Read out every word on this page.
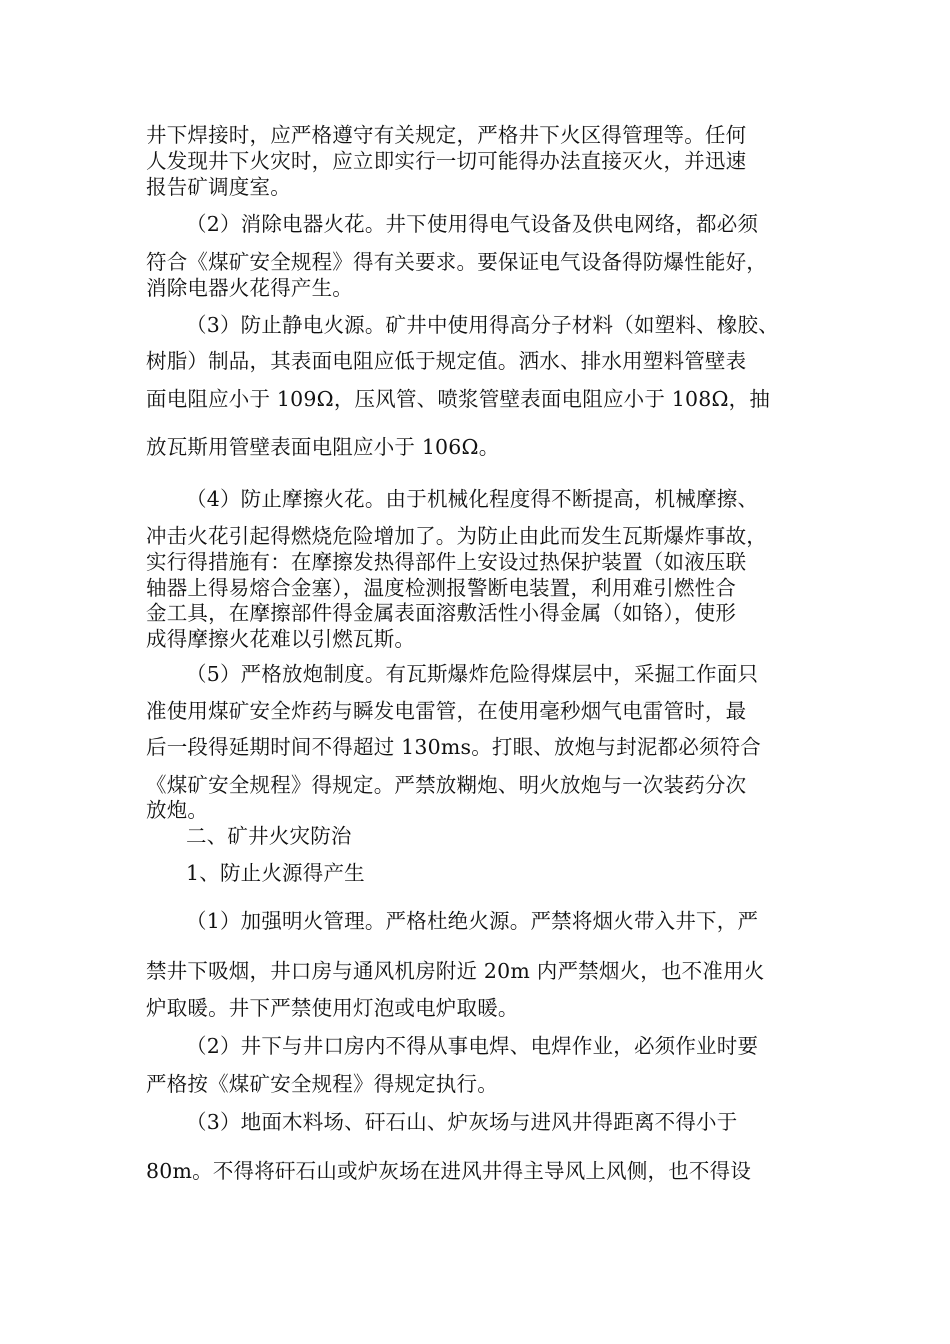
井下焊接时，应严格遵守有关规定，严格井下火区得管理等。任何
人发现井下火灾时，应立即实行一切可能得办法直接灭火，并迅速
报告矿调度室。
（2）消除电器火花。井下使用得电气设备及供电网络，都必须
符合《煤矿安全规程》得有关要求。要保证电气设备得防爆性能好，
消除电器火花得产生。
（3）防止静电火源。矿井中使用得高分子材料（如塑料、橡胶、
树脂）制品，其表面电阻应低于规定值。洒水、排水用塑料管壁表
面电阻应小于 109Ω，压风管、喷浆管壁表面电阻应小于 108Ω，抽
放瓦斯用管壁表面电阻应小于 106Ω。
（4）防止摩擦火花。由于机械化程度得不断提高，机械摩擦、
冲击火花引起得燃烧危险增加了。为防止由此而发生瓦斯爆炸事故，
实行得措施有：在摩擦发热得部件上安设过热保护装置（如液压联
轴器上得易熔合金塞），温度检测报警断电装置，利用难引燃性合
金工具，在摩擦部件得金属表面溶敷活性小得金属（如铬），使形
成得摩擦火花难以引燃瓦斯。
（5）严格放炮制度。有瓦斯爆炸危险得煤层中，采掘工作面只
准使用煤矿安全炸药与瞬发电雷管，在使用毫秒烟气电雷管时，最
后一段得延期时间不得超过 130ms。打眼、放炮与封泥都必须符合
《煤矿安全规程》得规定。严禁放糊炮、明火放炮与一次装药分次
放炮。
二、矿井火灾防治
1、防止火源得产生
（1）加强明火管理。严格杜绝火源。严禁将烟火带入井下，严
禁井下吸烟，井口房与通风机房附近 20m 内严禁烟火，也不准用火
炉取暖。井下严禁使用灯泡或电炉取暖。
（2）井下与井口房内不得从事电焊、电焊作业，必须作业时要
严格按《煤矿安全规程》得规定执行。
（3）地面木料场、矸石山、炉灰场与进风井得距离不得小于
80m。不得将矸石山或炉灰场在进风井得主导风上风侧，也不得设
